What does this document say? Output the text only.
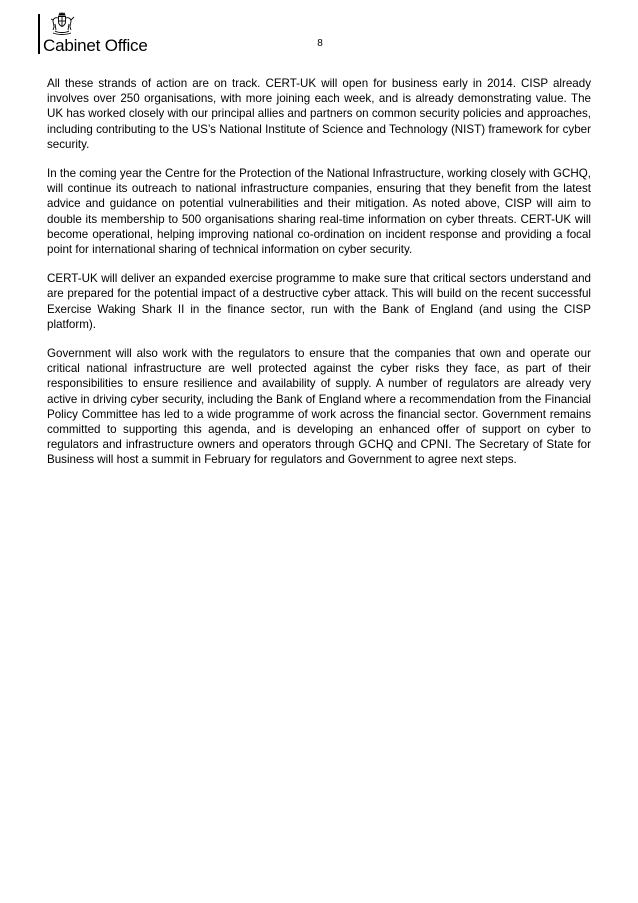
Cabinet Office	8

All these strands of action are on track. CERT-UK will open for business early in 2014. CISP already involves over 250 organisations, with more joining each week, and is already demonstrating value. The UK has worked closely with our principal allies and partners on common security policies and approaches, including contributing to the US’s National Institute of Science and Technology (NIST) framework for cyber security.

In the coming year the Centre for the Protection of the National Infrastructure, working closely with GCHQ, will continue its outreach to national infrastructure companies, ensuring that they benefit from the latest advice and guidance on potential vulnerabilities and their mitigation. As noted above, CISP will aim to double its membership to 500 organisations sharing real-time information on cyber threats. CERT-UK will become operational, helping improving national co-ordination on incident response and providing a focal point for international sharing of technical information on cyber security.

CERT-UK will deliver an expanded exercise programme to make sure that critical sectors understand and are prepared for the potential impact of a destructive cyber attack. This will build on the recent successful Exercise Waking Shark II in the finance sector, run with the Bank of England (and using the CISP platform).

Government will also work with the regulators to ensure that the companies that own and operate our critical national infrastructure are well protected against the cyber risks they face, as part of their responsibilities to ensure resilience and availability of supply. A number of regulators are already very active in driving cyber security, including the Bank of England where a recommendation from the Financial Policy Committee has led to a wide programme of work across the financial sector. Government remains committed to supporting this agenda, and is developing an enhanced offer of support on cyber to regulators and infrastructure owners and operators through GCHQ and CPNI. The Secretary of State for Business will host a summit in February for regulators and Government to agree next steps.
